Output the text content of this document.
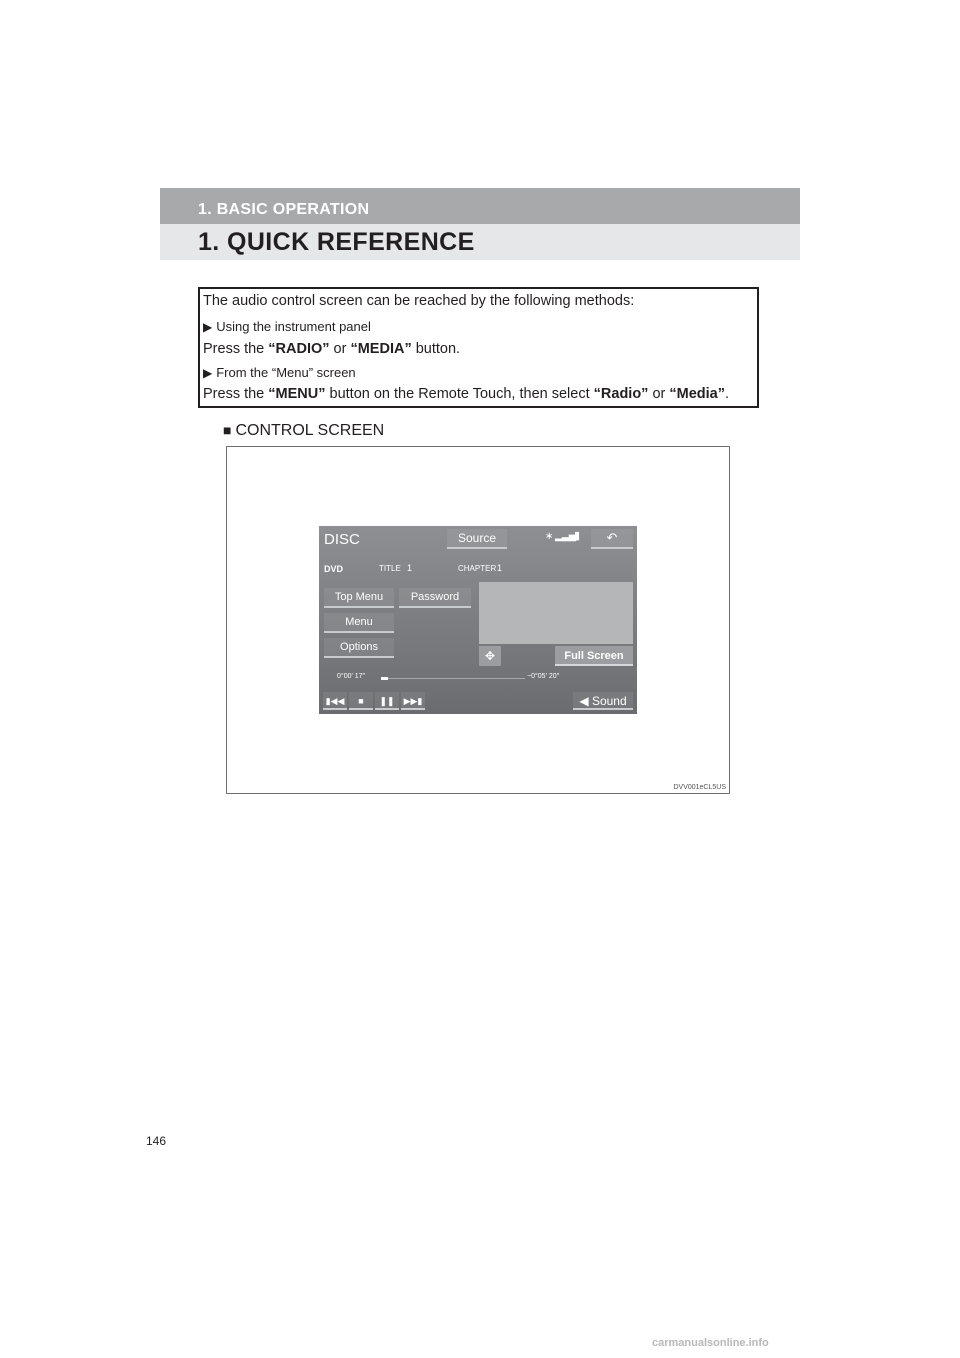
1. BASIC OPERATION
1. QUICK REFERENCE
The audio control screen can be reached by the following methods:
▶ Using the instrument panel
Press the “RADIO” or “MEDIA” button.
▶ From the “Menu” screen
Press the “MENU” button on the Remote Touch, then select “Radio” or “Media”.
■ CONTROL SCREEN
DISC	Source	∗ ▂▃▅
▮	↶
DVD	TITLE 1	CHAPTER 1
Top Menu	Password
Menu
Options
✥	Full Screen
0°00′ 17″	−0°05′ 20″
▮◀◀	■	❚❚	▶▶▮	◀ Sound
DVV001eCL5US
146
carmanualsonline.info
